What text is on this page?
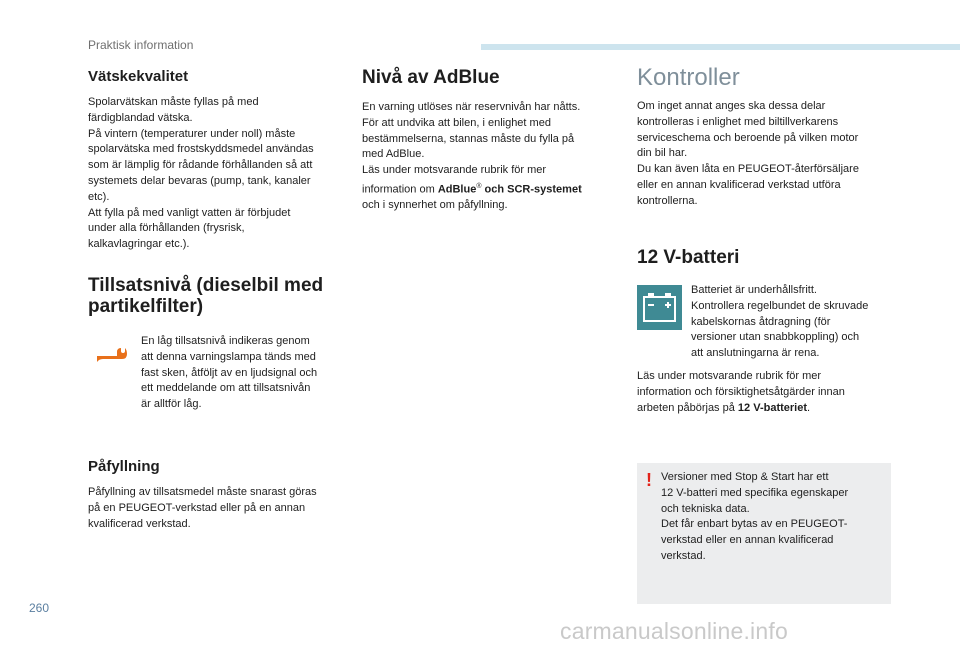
Praktisk information
Vätskekvalitet

Spolarvätskan måste fyllas på med
färdigblandad vätska.
På vintern (temperaturer under noll) måste
spolarvätska med frostskyddsmedel användas
som är lämplig för rådande förhållanden så att
systemets delar bevaras (pump, tank, kanaler
etc).
Att fylla på med vanligt vatten är förbjudet
under alla förhållanden (frysrisk,
kalkavlagringar etc.).

Tillsatsnivå (dieselbil med partikelfilter)

En låg tillsatsnivå indikeras genom
att denna varningslampa tänds med
fast sken, åtföljt av en ljudsignal och
ett meddelande om att tillsatsnivån
är alltför låg.

Påfyllning

Påfyllning av tillsatsmedel måste snarast göras
på en PEUGEOT-verkstad eller på en annan
kvalificerad verkstad.

Nivå av AdBlue

En varning utlöses när reservnivån har nåtts.
För att undvika att bilen, i enlighet med
bestämmelserna, stannas måste du fylla på
med AdBlue.
Läs under motsvarande rubrik för mer

information om AdBlue® och SCR-systemet

och i synnerhet om påfyllning.

Kontroller

Om inget annat anges ska dessa delar
kontrolleras i enlighet med biltillverkarens
serviceschema och beroende på vilken motor
din bil har.
Du kan även låta en PEUGEOT-återförsäljare
eller en annan kvalificerad verkstad utföra
kontrollerna.

12 V-batteri

Batteriet är underhållsfritt.
Kontrollera regelbundet de skruvade
kabelskornas åtdragning (för
versioner utan snabbkoppling) och
att anslutningarna är rena.

Läs under motsvarande rubrik för mer
information och försiktighetsåtgärder innan
arbeten påbörjas på 12 V-batteriet.

! Versioner med Stop & Start har ett
12 V-batteri med specifika egenskaper
och tekniska data.
Det får enbart bytas av en PEUGEOT-
verkstad eller en annan kvalificerad
verkstad.

260
carmanualsonline.info
